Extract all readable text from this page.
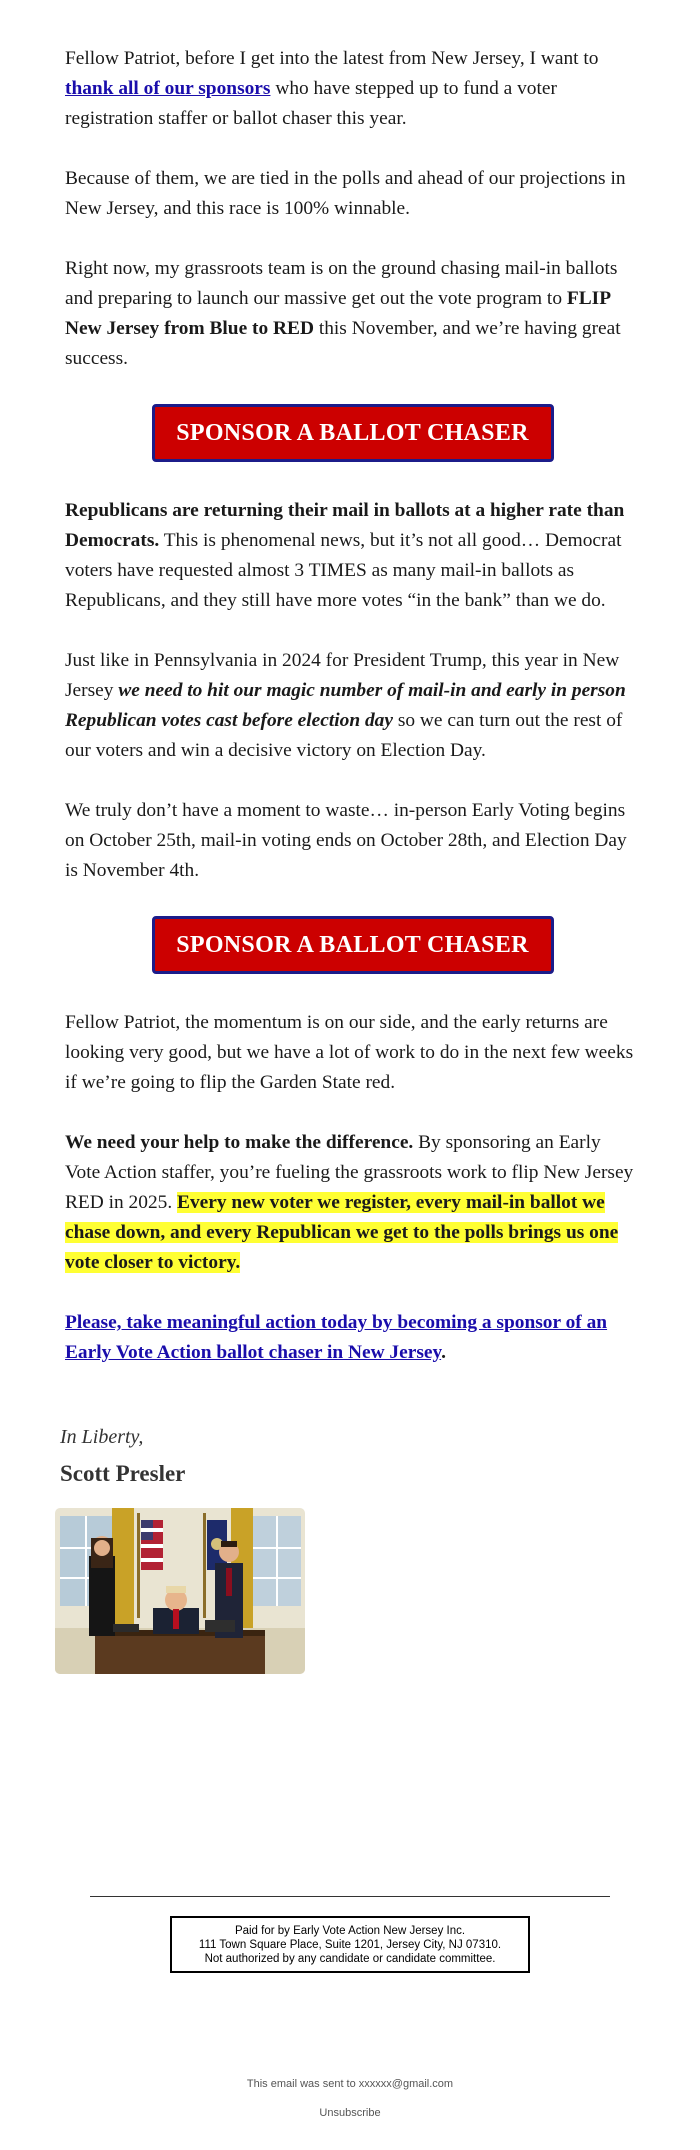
Fellow Patriot, before I get into the latest from New Jersey, I want to thank all of our sponsors who have stepped up to fund a voter registration staffer or ballot chaser this year.

Because of them, we are tied in the polls and ahead of our projections in New Jersey, and this race is 100% winnable.

Right now, my grassroots team is on the ground chasing mail-in ballots and preparing to launch our massive get out the vote program to FLIP New Jersey from Blue to RED this November, and we’re having great success.

SPONSOR A BALLOT CHASER

Republicans are returning their mail in ballots at a higher rate than Democrats. This is phenomenal news, but it’s not all good… Democrat voters have requested almost 3 TIMES as many mail-in ballots as Republicans, and they still have more votes “in the bank” than we do.

Just like in Pennsylvania in 2024 for President Trump, this year in New Jersey we need to hit our magic number of mail-in and early in person Republican votes cast before election day so we can turn out the rest of our voters and win a decisive victory on Election Day.

We truly don’t have a moment to waste… in-person Early Voting begins on October 25th, mail-in voting ends on October 28th, and Election Day is November 4th.

SPONSOR A BALLOT CHASER

Fellow Patriot, the momentum is on our side, and the early returns are looking very good, but we have a lot of work to do in the next few weeks if we’re going to flip the Garden State red.

We need your help to make the difference. By sponsoring an Early Vote Action staffer, you’re fueling the grassroots work to flip New Jersey RED in 2025. Every new voter we register, every mail-in ballot we chase down, and every Republican we get to the polls brings us one vote closer to victory.

Please, take meaningful action today by becoming a sponsor of an Early Vote Action ballot chaser in New Jersey.

In Liberty,
Scott Presler
Paid for by Early Vote Action New Jersey Inc.
111 Town Square Place, Suite 1201, Jersey City, NJ 07310.
Not authorized by any candidate or candidate committee.
This email was sent to xxxxxx@gmail.com
Unsubscribe
